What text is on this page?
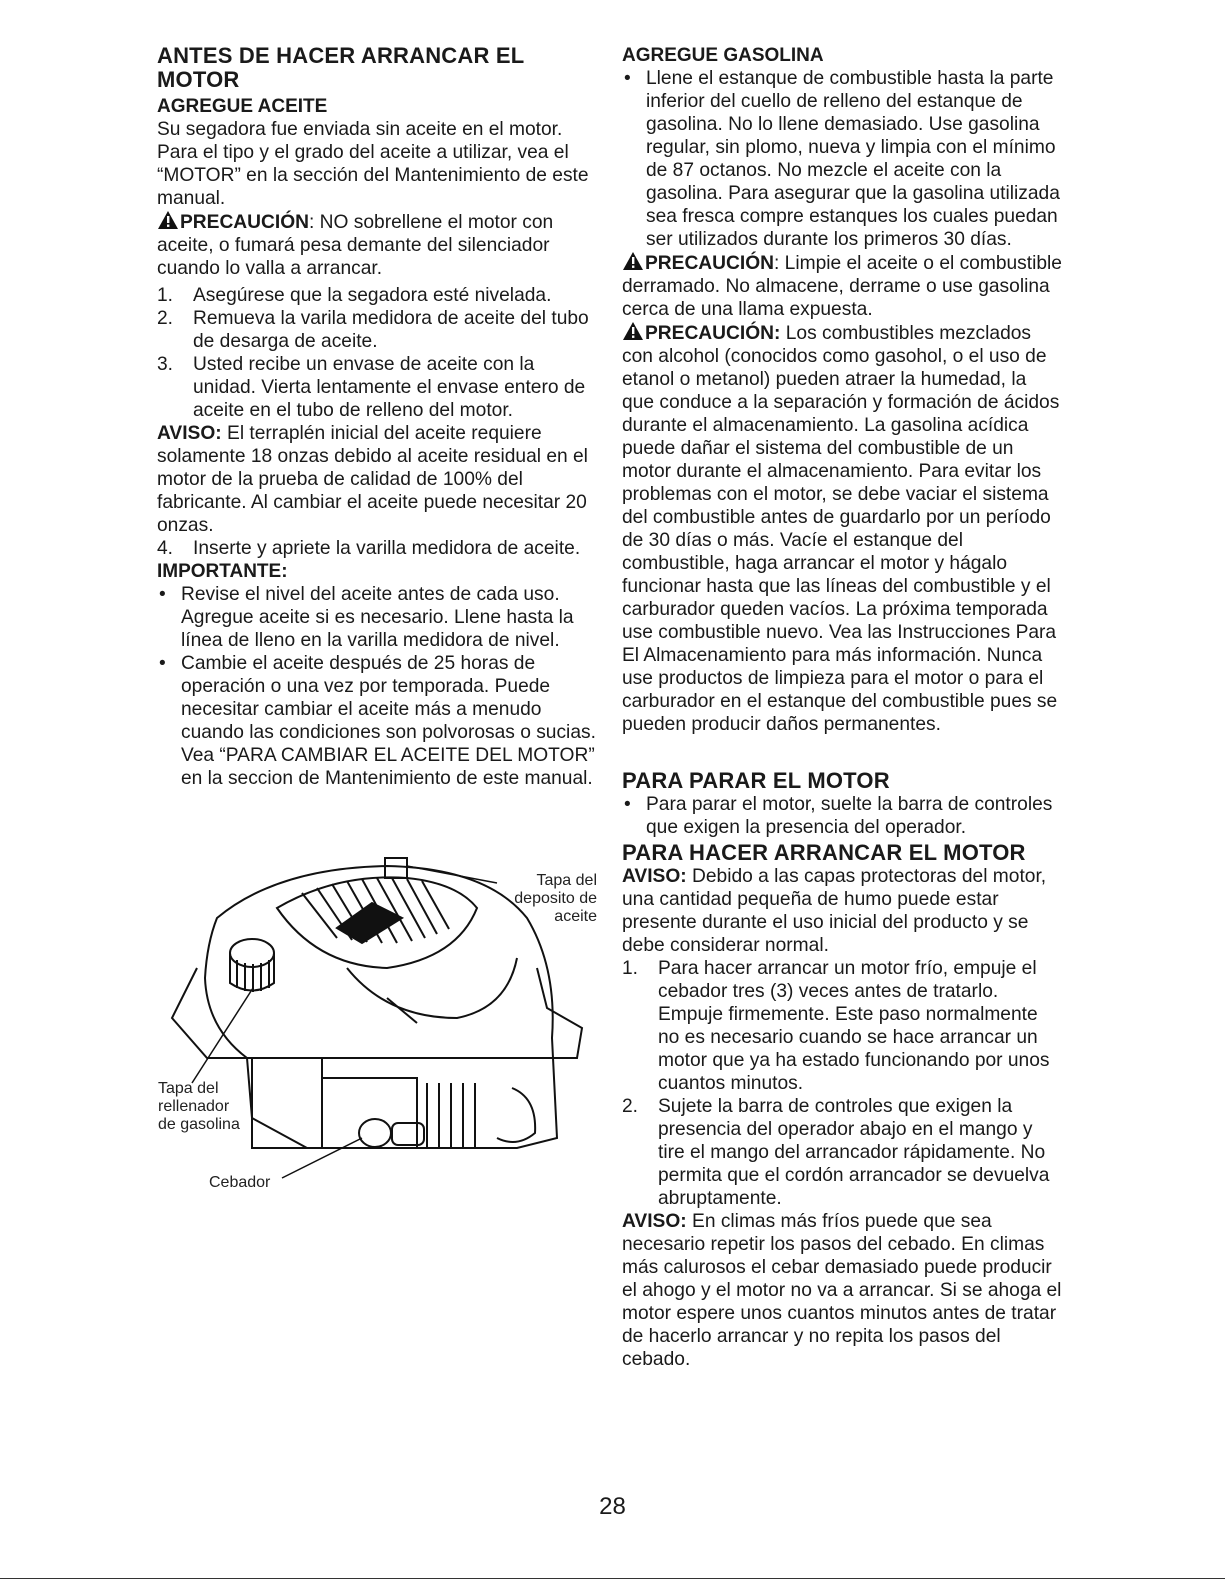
ANTES DE HACER ARRANCAR EL MOTOR

AGREGUE ACEITE

Su segadora fue enviada sin aceite en el motor. Para el tipo y el grado del aceite a utilizar, vea el “MOTOR” en la sección del Mantenimiento de este manual.

PRECAUCIÓN: NO sobrellene el motor con aceite, o fumará pesa demante del silenciador cuando lo valla a arrancar.

1.	Asegúrese que la segadora esté nivelada.
2.	Remueva la varila medidora de aceite del tubo de desarga de aceite.
3.	Usted recibe un envase de aceite con la unidad. Vierta lentamente el envase entero de aceite en el tubo de relleno del motor.

AVISO: El terraplén inicial del aceite requiere solamente 18 onzas debido al aceite residual en el motor de la prueba de calidad de 100% del fabricante. Al cambiar el aceite puede necesitar 20 onzas.

4.	Inserte y apriete la varilla medidora de aceite.

IMPORTANTE:

• Revise el nivel del aceite antes de cada uso. Agregue aceite si es necesario. Llene hasta la línea de lleno en la varilla medidora de nivel.
• Cambie el aceite después de 25 horas de operación o una vez por temporada. Puede necesitar cambiar el aceite más a menudo cuando las condiciones son polvorosas o sucias. Vea “PARA CAMBIAR EL ACEITE DEL MOTOR” en la seccion de Mantenimiento de este manual.
Tapa del deposito de aceite
Tapa del rellenador de gasolina
Cebador

AGREGUE GASOLINA

• Llene el estanque de combustible hasta la parte inferior del cuello de relleno del estanque de gasolina. No lo llene demasiado. Use gasolina regular, sin plomo, nueva y limpia con el mínimo de 87 octanos. No mezcle el aceite con la gasolina. Para asegurar que la gasolina utilizada sea fresca compre estanques los cuales puedan ser utilizados durante los primeros 30 días.

PRECAUCIÓN: Limpie el aceite o el combustible derramado. No almacene, derrame o use gasolina cerca de una llama expuesta.

PRECAUCIÓN: Los combustibles mezclados con alcohol (conocidos como gasohol, o el uso de etanol o metanol) pueden atraer la humedad, la que conduce a la separación y formación de ácidos durante el almacenamiento. La gasolina acídica puede dañar el sistema del combustible de un motor durante el almacenamiento. Para evitar los problemas con el motor, se debe vaciar el sistema del combustible antes de guardarlo por un período de 30 días o más. Vacíe el estanque del combustible, haga arrancar el motor y hágalo funcionar hasta que las líneas del combustible y el carburador queden vacíos. La próxima temporada use combustible nuevo. Vea las Instrucciones Para El Almacenamiento para más información. Nunca use productos de limpieza para el motor o para el carburador en el estanque del combustible pues se pueden producir daños permanentes.

PARA PARAR EL MOTOR

• Para parar el motor, suelte la barra de controles que exigen la presencia del operador.

PARA HACER ARRANCAR EL MOTOR

AVISO: Debido a las capas protectoras del motor, una cantidad pequeña de humo puede estar presente durante el uso inicial del producto y se debe considerar normal.

1.	Para hacer arrancar un motor frío, empuje el cebador tres (3) veces antes de tratarlo. Empuje firmemente. Este paso normalmente no es necesario cuando se hace arrancar un motor que ya ha estado funcionando por unos cuantos minutos.
2.	Sujete la barra de controles que exigen la presencia del operador abajo en el mango y tire el mango del arrancador rápidamente. No permita que el cordón arrancador se devuelva abruptamente.

AVISO: En climas más fríos puede que sea necesario repetir los pasos del cebado. En climas más calurosos el cebar demasiado puede producir el ahogo y el motor no va a arrancar. Si se ahoga el motor espere unos cuantos minutos antes de tratar de hacerlo arrancar y no repita los pasos del cebado.

28
